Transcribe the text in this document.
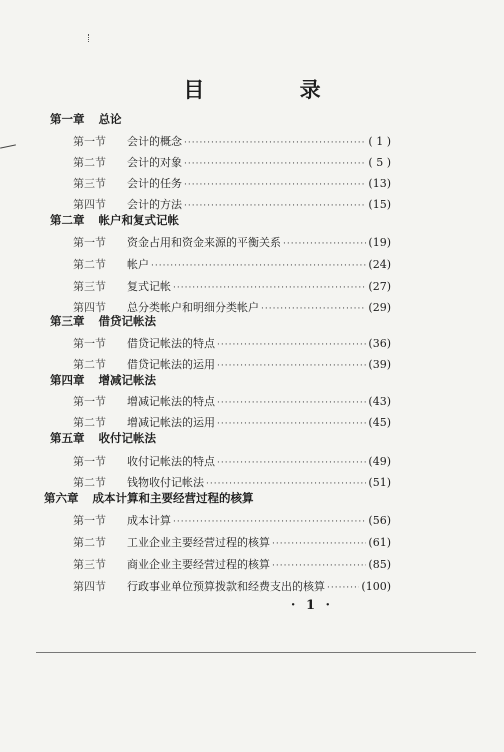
目 录
第一章 总论
第一节	会计的概念 ·····	( 1 )
第二节	会计的对象 ·····	( 5 )
第三节	会计的任务 ·····	(13)
第四节	会计的方法 ·····	(15)
第二章 帐户和复式记帐
第一节	资金占用和资金来源的平衡关系 ·····	(19)
第二节	帐户 ·····	(24)
第三节	复式记帐 ·····	(27)
第四节	总分类帐户和明细分类帐户 ·····	(29)
第三章 借贷记帐法
第一节	借贷记帐法的特点 ·····	(36)
第二节	借贷记帐法的运用 ·····	(39)
第四章 增减记帐法
第一节	增减记帐法的特点 ·····	(43)
第二节	增减记帐法的运用 ·····	(45)
第五章 收付记帐法
第一节	收付记帐法的特点 ·····	(49)
第二节	钱物收付记帐法 ·····	(51)
第六章 成本计算和主要经营过程的核算
第一节	成本计算 ·····	(56)
第二节	工业企业主要经营过程的核算 ·····	(61)
第三节	商业企业主要经营过程的核算 ·····	(85)
第四节	行政事业单位预算拨款和经费支出的核算 ·····	(100)
· 1 ·
